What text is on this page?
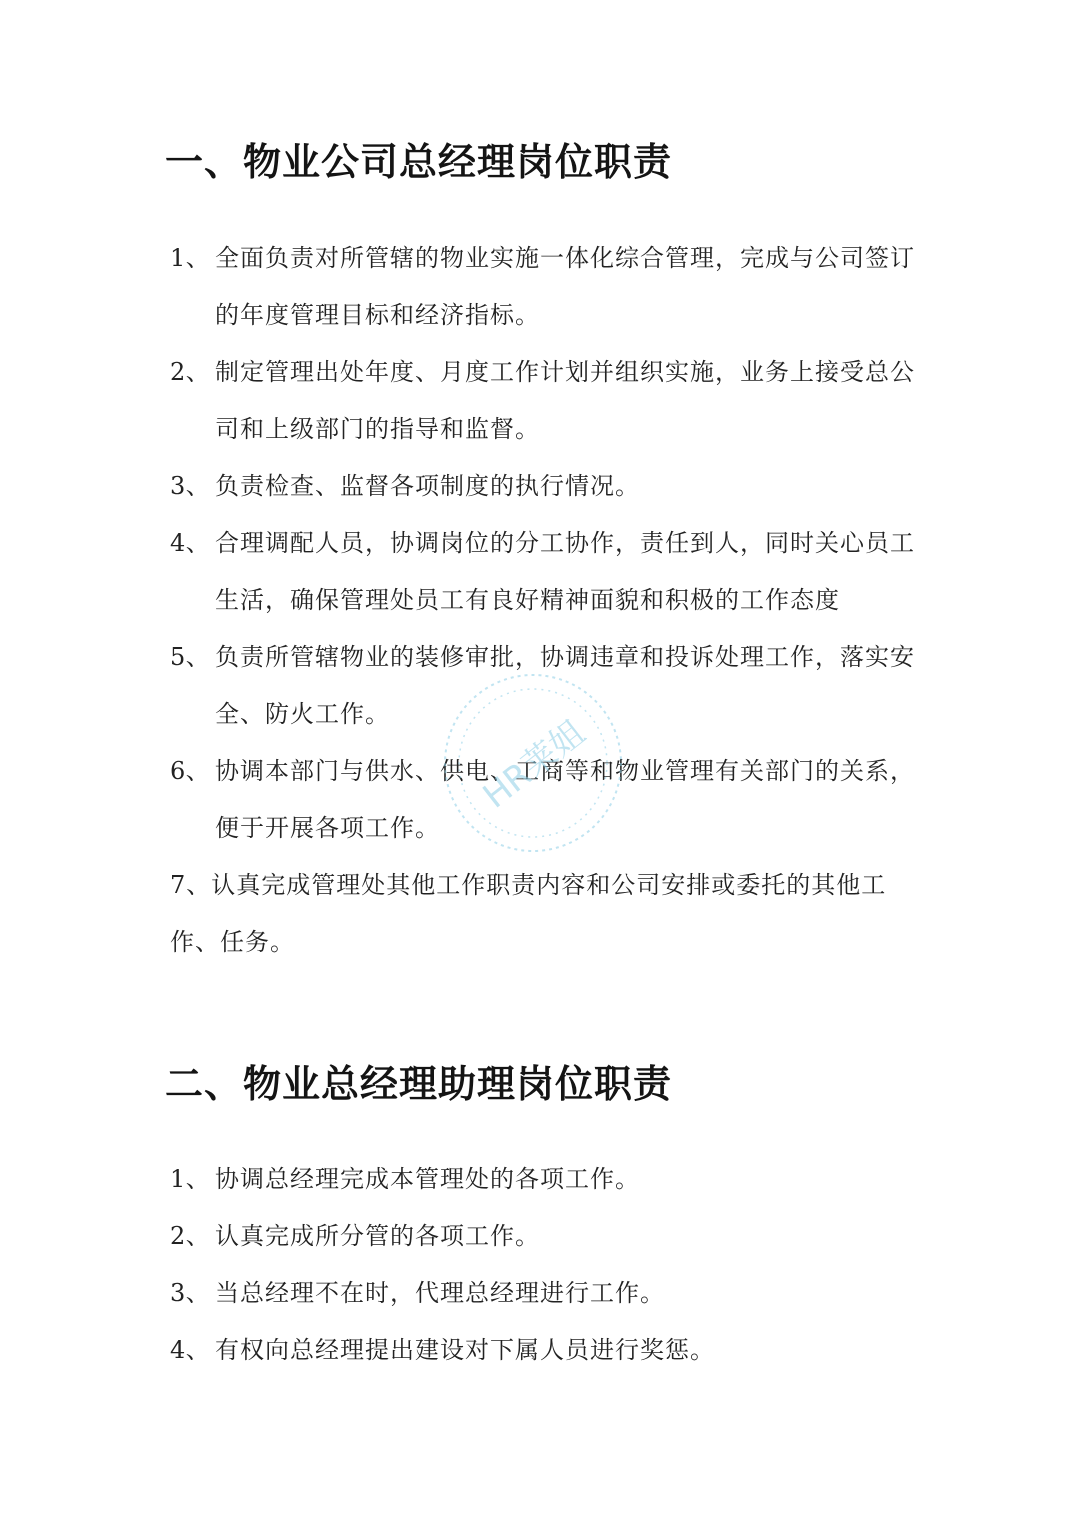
一、物业公司总经理岗位职责
1、 全面负责对所管辖的物业实施一体化综合管理，完成与公司签订的年度管理目标和经济指标。
2、 制定管理出处年度、月度工作计划并组织实施，业务上接受总公司和上级部门的指导和监督。
3、 负责检查、监督各项制度的执行情况。
4、 合理调配人员，协调岗位的分工协作，责任到人，同时关心员工生活，确保管理处员工有良好精神面貌和积极的工作态度
5、 负责所管辖物业的装修审批，协调违章和投诉处理工作，落实安全、防火工作。
6、 协调本部门与供水、供电、工商等和物业管理有关部门的关系，便于开展各项工作。
7、认真完成管理处其他工作职责内容和公司安排或委托的其他工作、任务。
二、物业总经理助理岗位职责
1、 协调总经理完成本管理处的各项工作。
2、 认真完成所分管的各项工作。
3、 当总经理不在时，代理总经理进行工作。
4、 有权向总经理提出建设对下属人员进行奖惩。
HR莱姐
